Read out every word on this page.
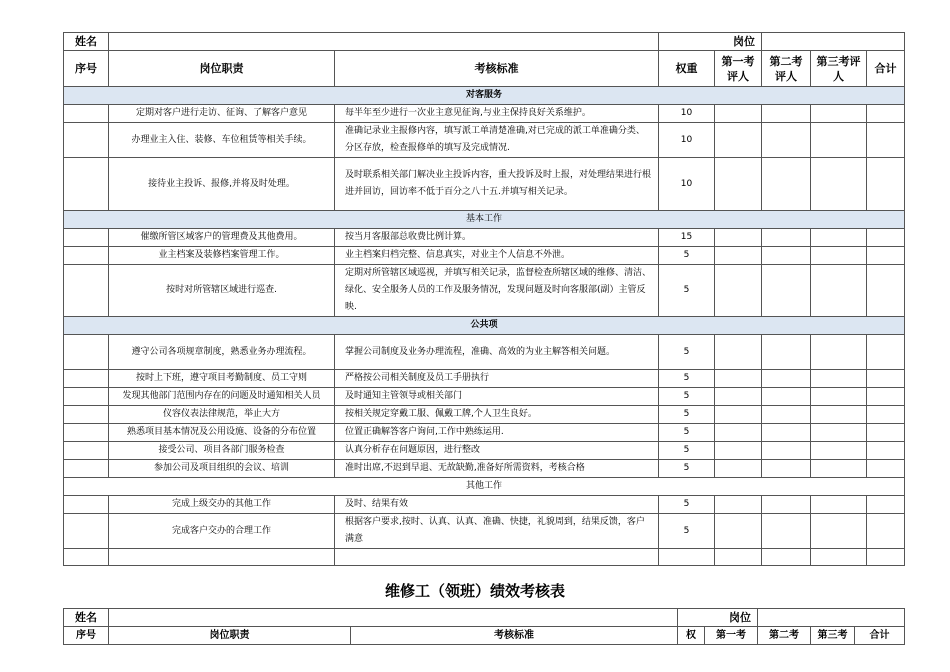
姓名			岗位				
序号	岗位职责	考核标准	权重	第一考评人	第二考评人	第三考评人	合计
对客服务							
	定期对客户进行走访、征询、了解客户意见	每半年至少进行一次业主意见征询,与业主保持良好关系维护。	10				
	办理业主入住、装修、车位租赁等相关手续。	准确记录业主报修内容，填写派工单清楚准确,对已完成的派工单准确分类、分区存放，检查报修单的填写及完成情况.	10				
	接待业主投诉、报修,并将及时处理。	及时联系相关部门解决业主投诉内容，重大投诉及时上报，对处理结果进行根进并回访，回访率不低于百分之八十五.并填写相关记录。	10				
基本工作							
	催缴所管区域客户的管理费及其他费用。	按当月客服部总收费比例计算。	15				
	业主档案及装修档案管理工作。	业主档案归档完整、信息真实，对业主个人信息不外泄。	5				
	按时对所管辖区域进行巡查.	定期对所管辖区域巡视，并填写相关记录，监督检查所辖区域的维修、清洁、绿化、安全服务人员的工作及服务情况，发现问题及时向客服部(副）主管反映.	5				
公共项							
	遵守公司各项规章制度，熟悉业务办理流程。	掌握公司制度及业务办理流程，准确、高效的为业主解答相关问题。	5				
	按时上下班，遵守项目考勤制度、员工守则	严格按公司相关制度及员工手册执行	5				
	发现其他部门范围内存在的问题及时通知相关人员	及时通知主管领导或相关部门	5				
	仪容仪表法律规范，举止大方	按相关规定穿戴工服、佩戴工牌,个人卫生良好。	5				
	熟悉项目基本情况及公用设施、设备的分布位置	位置正确解答客户询问,工作中熟练运用.	5				
	接受公司、项目各部门服务检查	认真分析存在问题原因，进行整改	5				
	参加公司及项目组织的会议、培训	准时出席,不迟到早退、无故缺勤,准备好所需资料，考核合格	5				
其他工作							
	完成上级交办的其他工作	及时、结果有效	5				
	完成客户交办的合理工作	根据客户要求,按时、认真、认真、准确、快捷，礼貌周到，结果反馈，客户满意	5				

维修工（领班）绩效考核表
姓名			岗位				
序号	岗位职责	考核标准	权	第一考	第二考	第三考	合计
